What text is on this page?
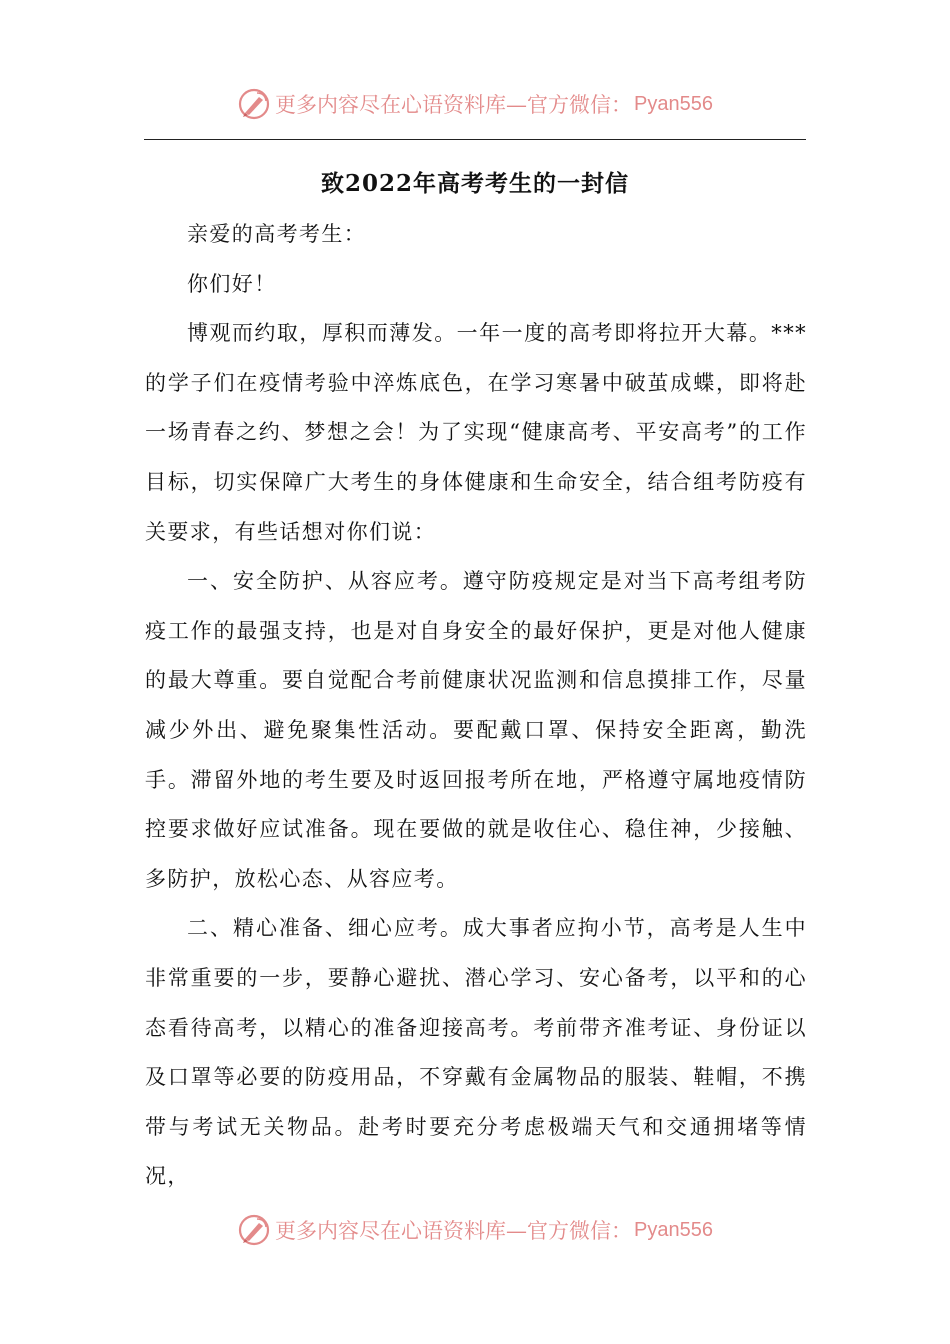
更多内容尽在心语资料库—官方微信： Pyan556
致2022年高考考生的一封信

亲爱的高考考生：

你们好！

博观而约取，厚积而薄发。一年一度的高考即将拉开大幕。***的学子们在疫情考验中淬炼底色，在学习寒暑中破茧成蝶，即将赴一场青春之约、梦想之会！为了实现“健康高考、平安高考”的工作目标，切实保障广大考生的身体健康和生命安全，结合组考防疫有关要求，有些话想对你们说：

一、安全防护、从容应考。遵守防疫规定是对当下高考组考防疫工作的最强支持，也是对自身安全的最好保护，更是对他人健康的最大尊重。要自觉配合考前健康状况监测和信息摸排工作，尽量减少外出、避免聚集性活动。要配戴口罩、保持安全距离，勤洗手。滞留外地的考生要及时返回报考所在地，严格遵守属地疫情防控要求做好应试准备。现在要做的就是收住心、稳住神，少接触、多防护，放松心态、从容应考。

二、精心准备、细心应考。成大事者应拘小节，高考是人生中非常重要的一步，要静心避扰、潜心学习、安心备考，以平和的心态看待高考，以精心的准备迎接高考。考前带齐准考证、身份证以及口罩等必要的防疫用品，不穿戴有金属物品的服装、鞋帽，不携带与考试无关物品。赴考时要充分考虑极端天气和交通拥堵等情况，

更多内容尽在心语资料库—官方微信： Pyan556
